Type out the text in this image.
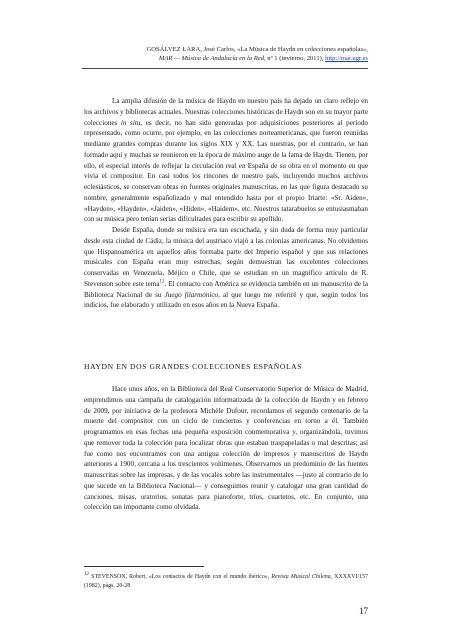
GOSÁLVEZ LARA, José Carlos, «La Música de Haydn en colecciones españolas»,
MAR — Música de Andalucía en la Red, nº 1 (invierno, 2011), http://mar.ugr.es

La amplia difusión de la música de Haydn en nuestro país ha dejado un claro reflejo en los archivos y bibliotecas actuales. Nuestras colecciones históricas de Haydn son en su mayor parte colecciones in situ, es decir, no han sido generadas por adquisiciones posteriores al período representado, como ocurre, por ejemplo, en las colecciones norteamericanas, que fueron reunidas mediante grandes compras durante los siglos XIX y XX. Las nuestras, por el contrario, se han formado aquí y muchas se reunieron en la época de máximo auge de la fama de Haydn. Tienen, por ello, el especial interés de reflejar la circulación real en España de su obra en el momento en que vivía el compositor. En casi todos los rincones de nuestro país, incluyendo muchos archivos eclesiásticos, se conservan obras en fuentes originales manuscritas, en las que figura destacado su nombre, generalmente españolizado y mal entendido hasta por el propio Iriarte: «Sr. Aiden», «Hayden», «Hayden», «Jaiden», «Hiden», «Haidem», etc. Nuestros tatarabuelos se entusiasmaban con su música pero tenían serias dificultades para escribir su apellido.

Desde España, donde su música era tan escuchada, y sin duda de forma muy particular desde esta ciudad de Cádiz, la música del austriaco viajó a las colonias americanas. No olvidemos que Hispanoamérica en aquellos años formaba parte del Imperio español y que sus relaciones musicales con España eran muy estrechas, según demuestran las excelentes colecciones conservadas en Venezuela, Méjico o Chile, que se estudian en un magnífico artículo de R. Stevenson sobre este tema$^{12}$. El contacto con América se evidencia también en un manuscrito de la Biblioteca Nacional de su Juego filarmónico, al que luego me referiré y que, según todos los indicios, fue elaborado y utilizado en esos años en la Nueva España.

HAYDN EN DOS GRANDES COLECCIONES ESPAÑOLAS

Hace unos años, en la Biblioteca del Real Conservatorio Superior de Música de Madrid, emprendimos una campaña de catalogación informatizada de la colección de Haydn y en febrero de 2009, por iniciativa de la profesora Michèle Dufour, recordamos el segundo centenario de la muerte del compositor con un ciclo de conciertos y conferencias en torno a él. También programamos en esas fechas una pequeña exposición conmemorativa y, organizándola, tuvimos que remover toda la colección para localizar obras que estaban traspapeladas o mal descritas; así fue como nos encontramos con una antigua colección de impresos y manuscritos de Haydn anteriores a 1900, cercana a los trescientos volúmenes. Observamos un predominio de las fuentes manuscritas sobre las impresas, y de las vocales sobre las instrumentales —justo al contrario de lo que sucede en la Biblioteca Nacional— y conseguimos reunir y catalogar una gran cantidad de canciones, misas, oratorios, sonatas para pianoforte, tríos, cuartetos, etc. En conjunto, una colección tan importante como olvidada.

$^{12}$ STEVENSON, Robert, «Los contactos de Haydn con el mundo ibérico», Revista Musical Chilena, XXXXVI/157 (1982), págs. 20-28
17
